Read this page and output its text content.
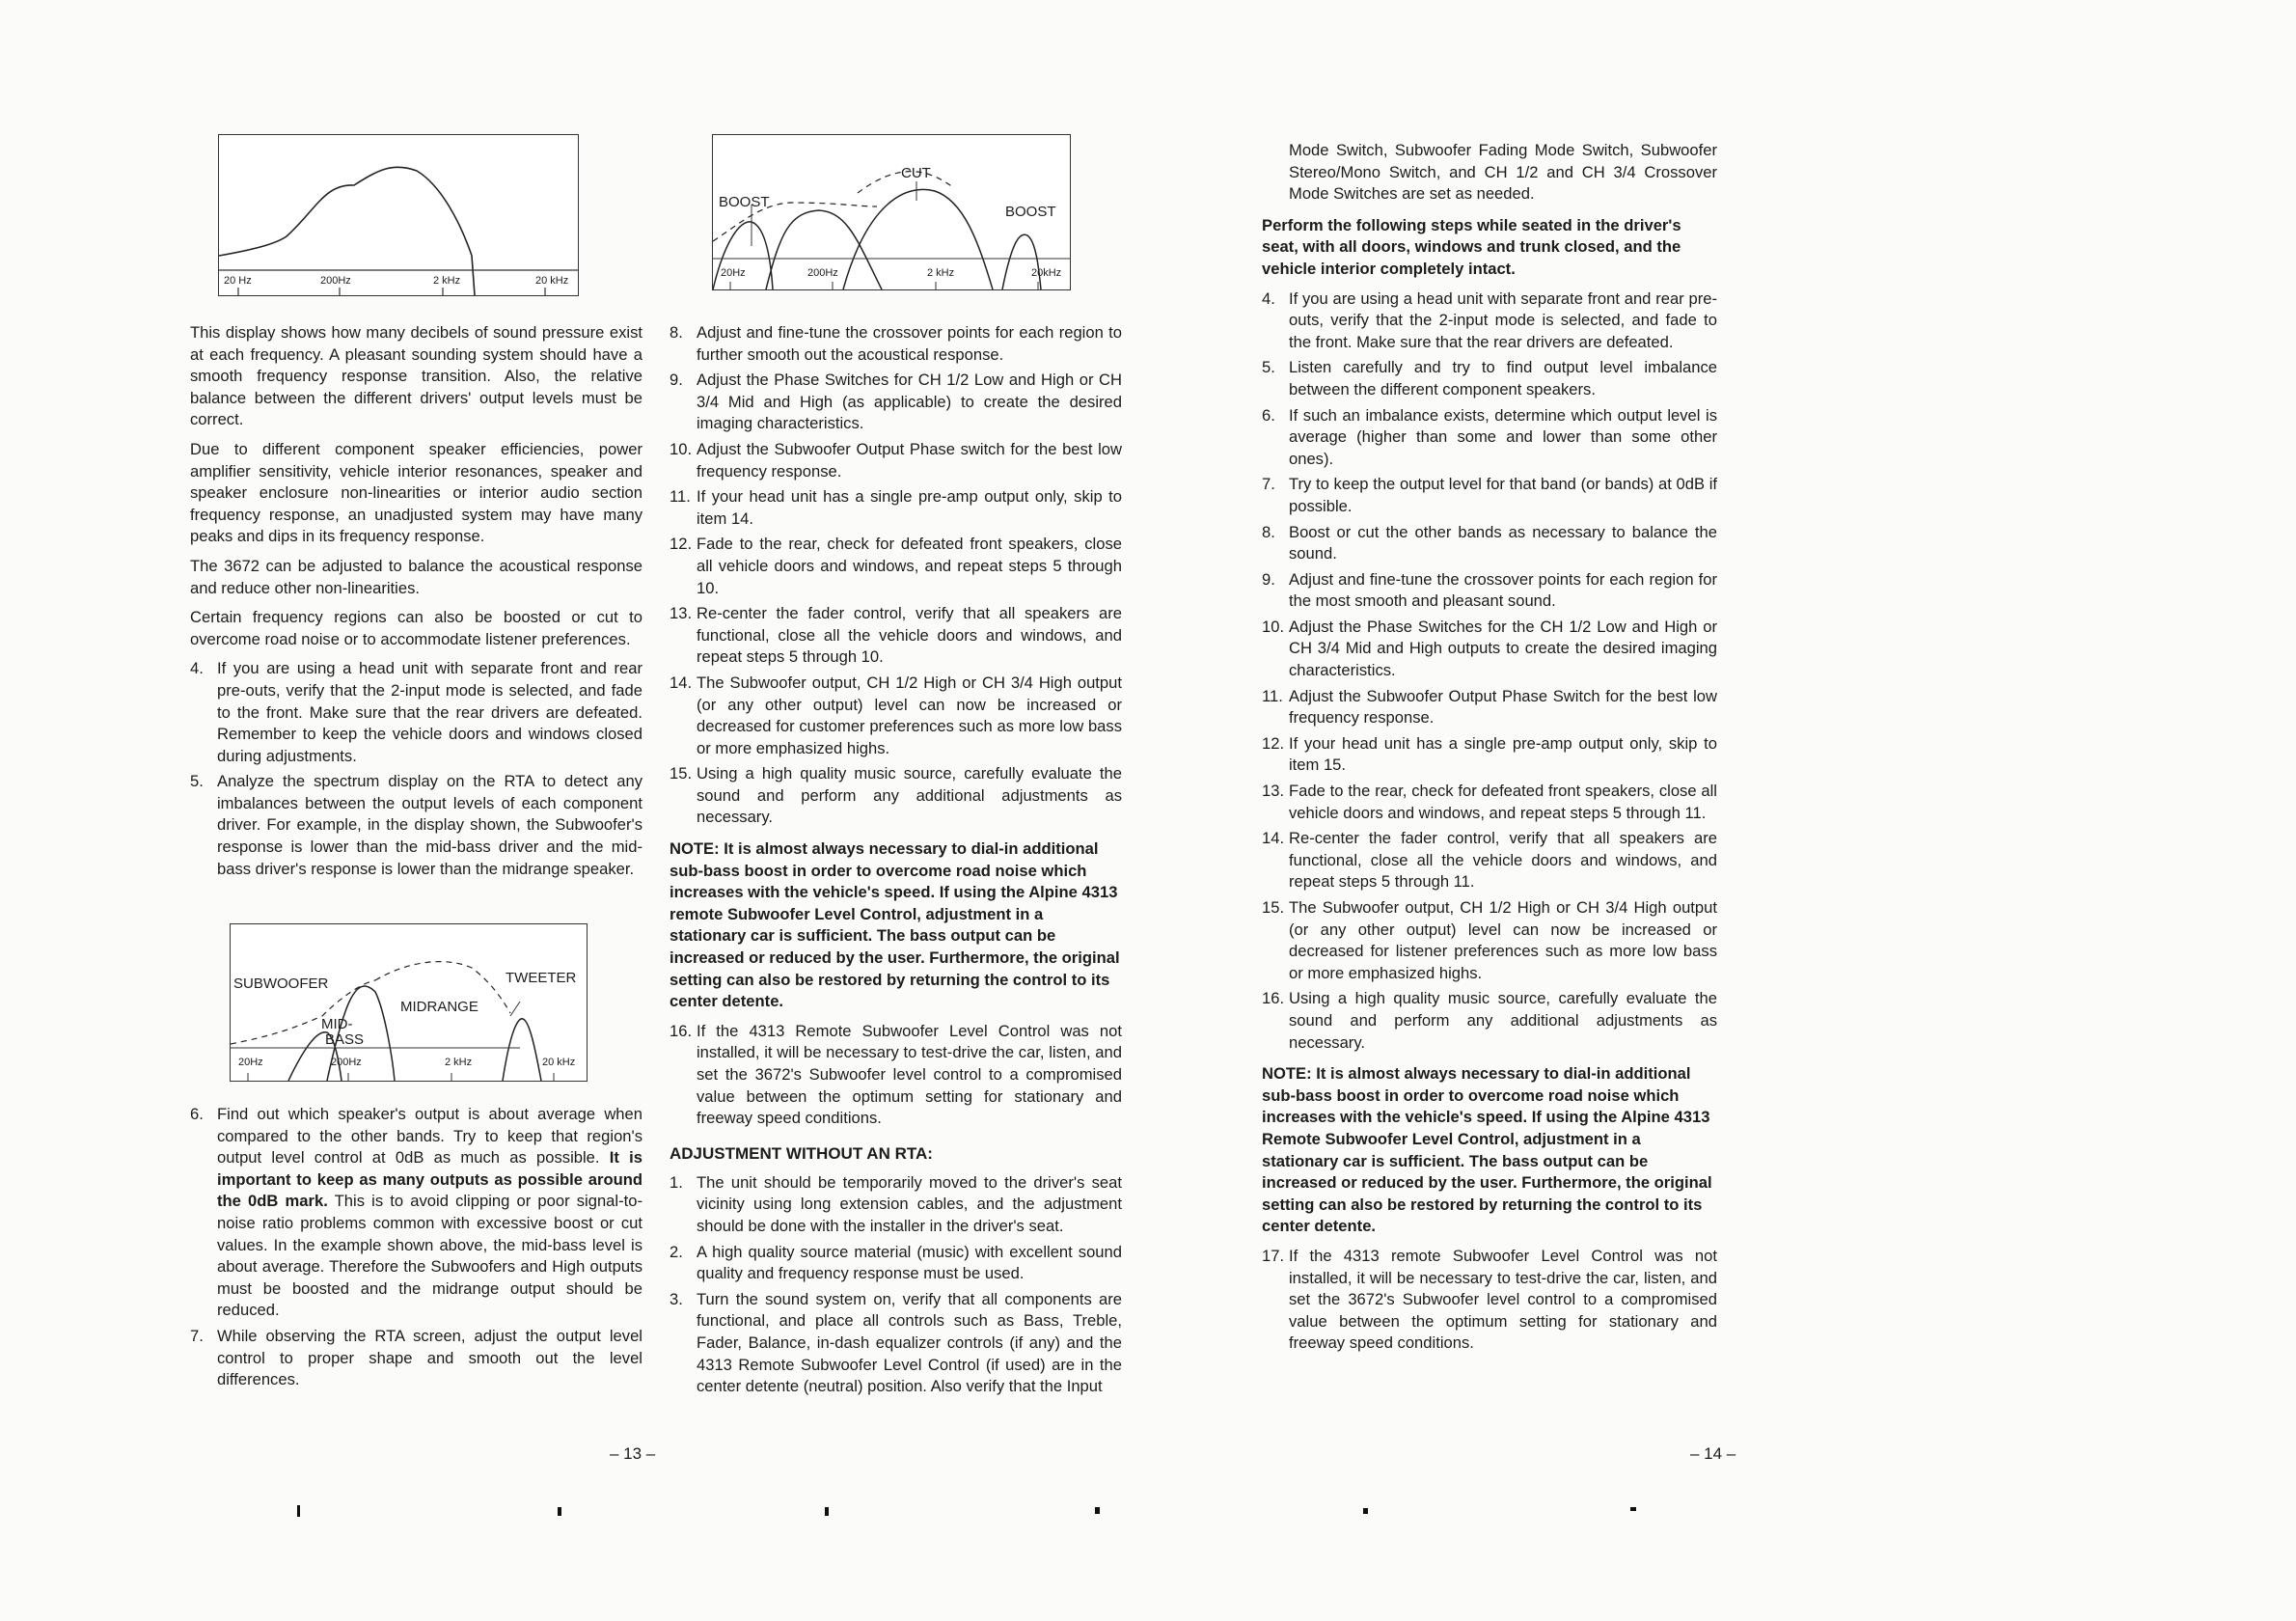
20 Hz	200Hz	2 kHz	20 kHz

This display shows how many decibels of sound pressure exist at each frequency. A pleasant sounding system should have a smooth frequency response transition. Also, the relative balance between the different drivers' output levels must be correct.

Due to different component speaker efficiencies, power amplifier sensitivity, vehicle interior resonances, speaker and speaker enclosure non-linearities or interior audio section frequency response, an unadjusted system may have many peaks and dips in its frequency response.

The 3672 can be adjusted to balance the acoustical response and reduce other non-linearities.

Certain frequency regions can also be boosted or cut to overcome road noise or to accommodate listener preferences.

4. If you are using a head unit with separate front and rear pre-outs, verify that the 2-input mode is selected, and fade to the front. Make sure that the rear drivers are defeated. Remember to keep the vehicle doors and windows closed during adjustments.
5. Analyze the spectrum display on the RTA to detect any imbalances between the output levels of each component driver. For example, in the display shown, the Subwoofer's response is lower than the mid-bass driver and the mid-bass driver's response is lower than the midrange speaker.
SUBWOOFER
MID-
BASS
MIDRANGE
TWEETER
20Hz	200Hz	2 kHz	20 kHz
6. Find out which speaker's output is about average when compared to the other bands. Try to keep that region's output level control at 0dB as much as possible. It is important to keep as many outputs as possible around the 0dB mark. This is to avoid clipping or poor signal-to-noise ratio problems common with excessive boost or cut values. In the example shown above, the mid-bass level is about average. Therefore the Subwoofers and High outputs must be boosted and the midrange output should be reduced.
7. While observing the RTA screen, adjust the output level control to proper shape and smooth out the level differences.
– 13 –
CUT
BOOST
BOOST
20Hz	200Hz	2 kHz	20kHz
8. Adjust and fine-tune the crossover points for each region to further smooth out the acoustical response.
9. Adjust the Phase Switches for CH 1/2 Low and High or CH 3/4 Mid and High (as applicable) to create the desired imaging characteristics.
10. Adjust the Subwoofer Output Phase switch for the best low frequency response.
11. If your head unit has a single pre-amp output only, skip to item 14.
12. Fade to the rear, check for defeated front speakers, close all vehicle doors and windows, and repeat steps 5 through 10.
13. Re-center the fader control, verify that all speakers are functional, close all the vehicle doors and windows, and repeat steps 5 through 10.
14. The Subwoofer output, CH 1/2 High or CH 3/4 High output (or any other output) level can now be increased or decreased for customer preferences such as more low bass or more emphasized highs.
15. Using a high quality music source, carefully evaluate the sound and perform any additional adjustments as necessary.
NOTE: It is almost always necessary to dial-in additional sub-bass boost in order to overcome road noise which increases with the vehicle's speed. If using the Alpine 4313 remote Subwoofer Level Control, adjustment in a stationary car is sufficient. The bass output can be increased or reduced by the user. Furthermore, the original setting can also be restored by returning the control to its center detente.
16. If the 4313 Remote Subwoofer Level Control was not installed, it will be necessary to test-drive the car, listen, and set the 3672's Subwoofer level control to a compromised value between the optimum setting for stationary and freeway speed conditions.
ADJUSTMENT WITHOUT AN RTA:
1. The unit should be temporarily moved to the driver's seat vicinity using long extension cables, and the adjustment should be done with the installer in the driver's seat.
2. A high quality source material (music) with excellent sound quality and frequency response must be used.
3. Turn the sound system on, verify that all components are functional, and place all controls such as Bass, Treble, Fader, Balance, in-dash equalizer controls (if any) and the 4313 Remote Subwoofer Level Control (if used) are in the center detente (neutral) position. Also verify that the Input

Mode Switch, Subwoofer Fading Mode Switch, Subwoofer Stereo/Mono Switch, and CH 1/2 and CH 3/4 Crossover Mode Switches are set as needed.

Perform the following steps while seated in the driver's seat, with all doors, windows and trunk closed, and the vehicle interior completely intact.
4. If you are using a head unit with separate front and rear pre-outs, verify that the 2-input mode is selected, and fade to the front. Make sure that the rear drivers are defeated.
5. Listen carefully and try to find output level imbalance between the different component speakers.
6. If such an imbalance exists, determine which output level is average (higher than some and lower than some other ones).
7. Try to keep the output level for that band (or bands) at 0dB if possible.
8. Boost or cut the other bands as necessary to balance the sound.
9. Adjust and fine-tune the crossover points for each region for the most smooth and pleasant sound.
10. Adjust the Phase Switches for the CH 1/2 Low and High or CH 3/4 Mid and High outputs to create the desired imaging characteristics.
11. Adjust the Subwoofer Output Phase Switch for the best low frequency response.
12. If your head unit has a single pre-amp output only, skip to item 15.
13. Fade to the rear, check for defeated front speakers, close all vehicle doors and windows, and repeat steps 5 through 11.
14. Re-center the fader control, verify that all speakers are functional, close all the vehicle doors and windows, and repeat steps 5 through 11.
15. The Subwoofer output, CH 1/2 High or CH 3/4 High output (or any other output) level can now be increased or decreased for listener preferences such as more low bass or more emphasized highs.
16. Using a high quality music source, carefully evaluate the sound and perform any additional adjustments as necessary.
NOTE: It is almost always necessary to dial-in additional sub-bass boost in order to overcome road noise which increases with the vehicle's speed. If using the Alpine 4313 Remote Subwoofer Level Control, adjustment in a stationary car is sufficient. The bass output can be increased or reduced by the user. Furthermore, the original setting can also be restored by returning the control to its center detente.
17. If the 4313 remote Subwoofer Level Control was not installed, it will be necessary to test-drive the car, listen, and set the 3672's Subwoofer level control to a compromised value between the optimum setting for stationary and freeway speed conditions.
– 14 –
